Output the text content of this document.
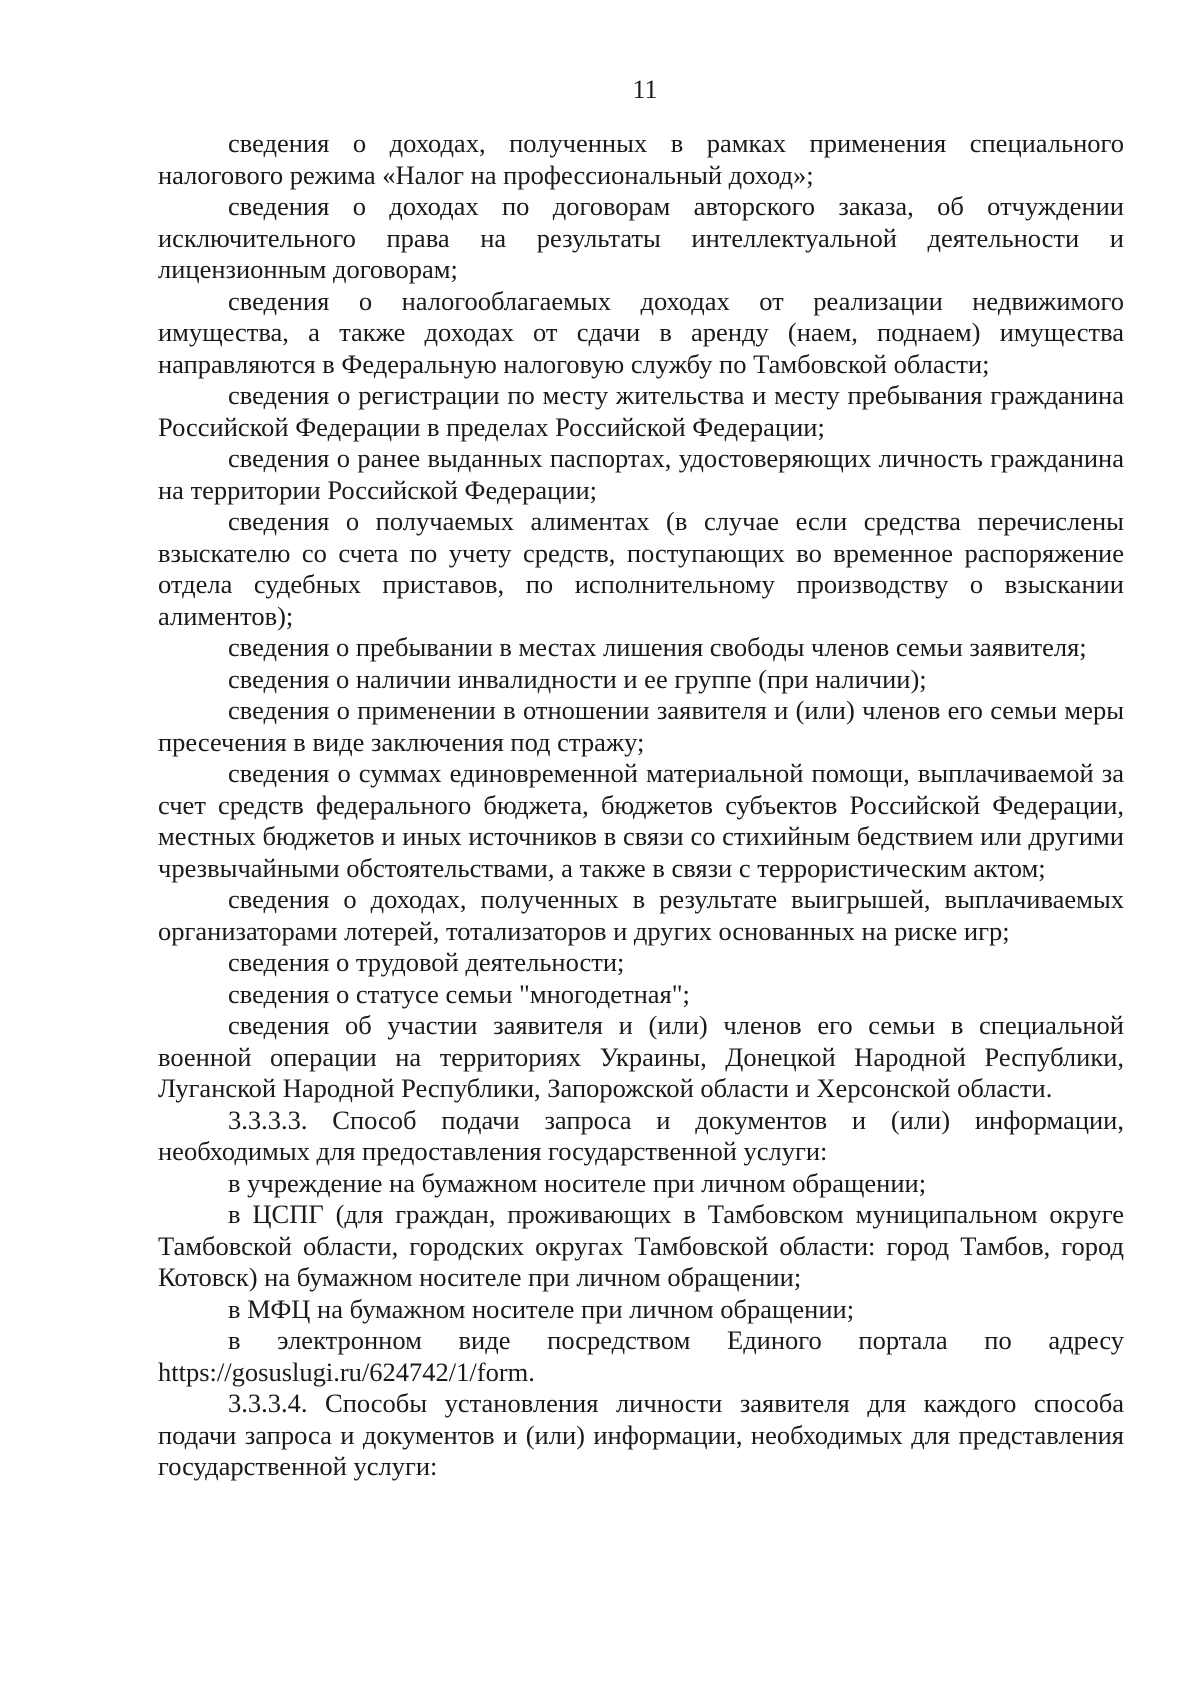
11

сведения о доходах, полученных в рамках применения специального налогового режима «Налог на профессиональный доход»;

сведения о доходах по договорам авторского заказа, об отчуждении исключительного права на результаты интеллектуальной деятельности и лицензионным договорам;

сведения о налогооблагаемых доходах от реализации недвижимого имущества, а также доходах от сдачи в аренду (наем, поднаем) имущества направляются в Федеральную налоговую службу по Тамбовской области;

сведения о регистрации по месту жительства и месту пребывания гражданина Российской Федерации в пределах Российской Федерации;

сведения о ранее выданных паспортах, удостоверяющих личность гражданина на территории Российской Федерации;

сведения о получаемых алиментах (в случае если средства перечислены взыскателю со счета по учету средств, поступающих во временное распоряжение отдела судебных приставов, по исполнительному производству о взыскании алиментов);

сведения о пребывании в местах лишения свободы членов семьи заявителя;

сведения о наличии инвалидности и ее группе (при наличии);

сведения о применении в отношении заявителя и (или) членов его семьи меры пресечения в виде заключения под стражу;

сведения о суммах единовременной материальной помощи, выплачиваемой за счет средств федерального бюджета, бюджетов субъектов Российской Федерации, местных бюджетов и иных источников в связи со стихийным бедствием или другими чрезвычайными обстоятельствами, а также в связи с террористическим актом;

сведения о доходах, полученных в результате выигрышей, выплачиваемых организаторами лотерей, тотализаторов и других основанных на риске игр;

сведения о трудовой деятельности;

сведения о статусе семьи "многодетная";

сведения об участии заявителя и (или) членов его семьи в специальной военной операции на территориях Украины, Донецкой Народной Республики, Луганской Народной Республики, Запорожской области и Херсонской области.

3.3.3.3. Способ подачи запроса и документов и (или) информации, необходимых для предоставления государственной услуги:

в учреждение на бумажном носителе при личном обращении;

в ЦСПГ (для граждан, проживающих в Тамбовском муниципальном округе Тамбовской области, городских округах Тамбовской области: город Тамбов, город Котовск) на бумажном носителе при личном обращении;

в МФЦ на бумажном носителе при личном обращении;

в электронном виде посредством Единого портала по адресу https://gosuslugi.ru/624742/1/form.

3.3.3.4. Способы установления личности заявителя для каждого способа подачи запроса и документов и (или) информации, необходимых для представления государственной услуги:
